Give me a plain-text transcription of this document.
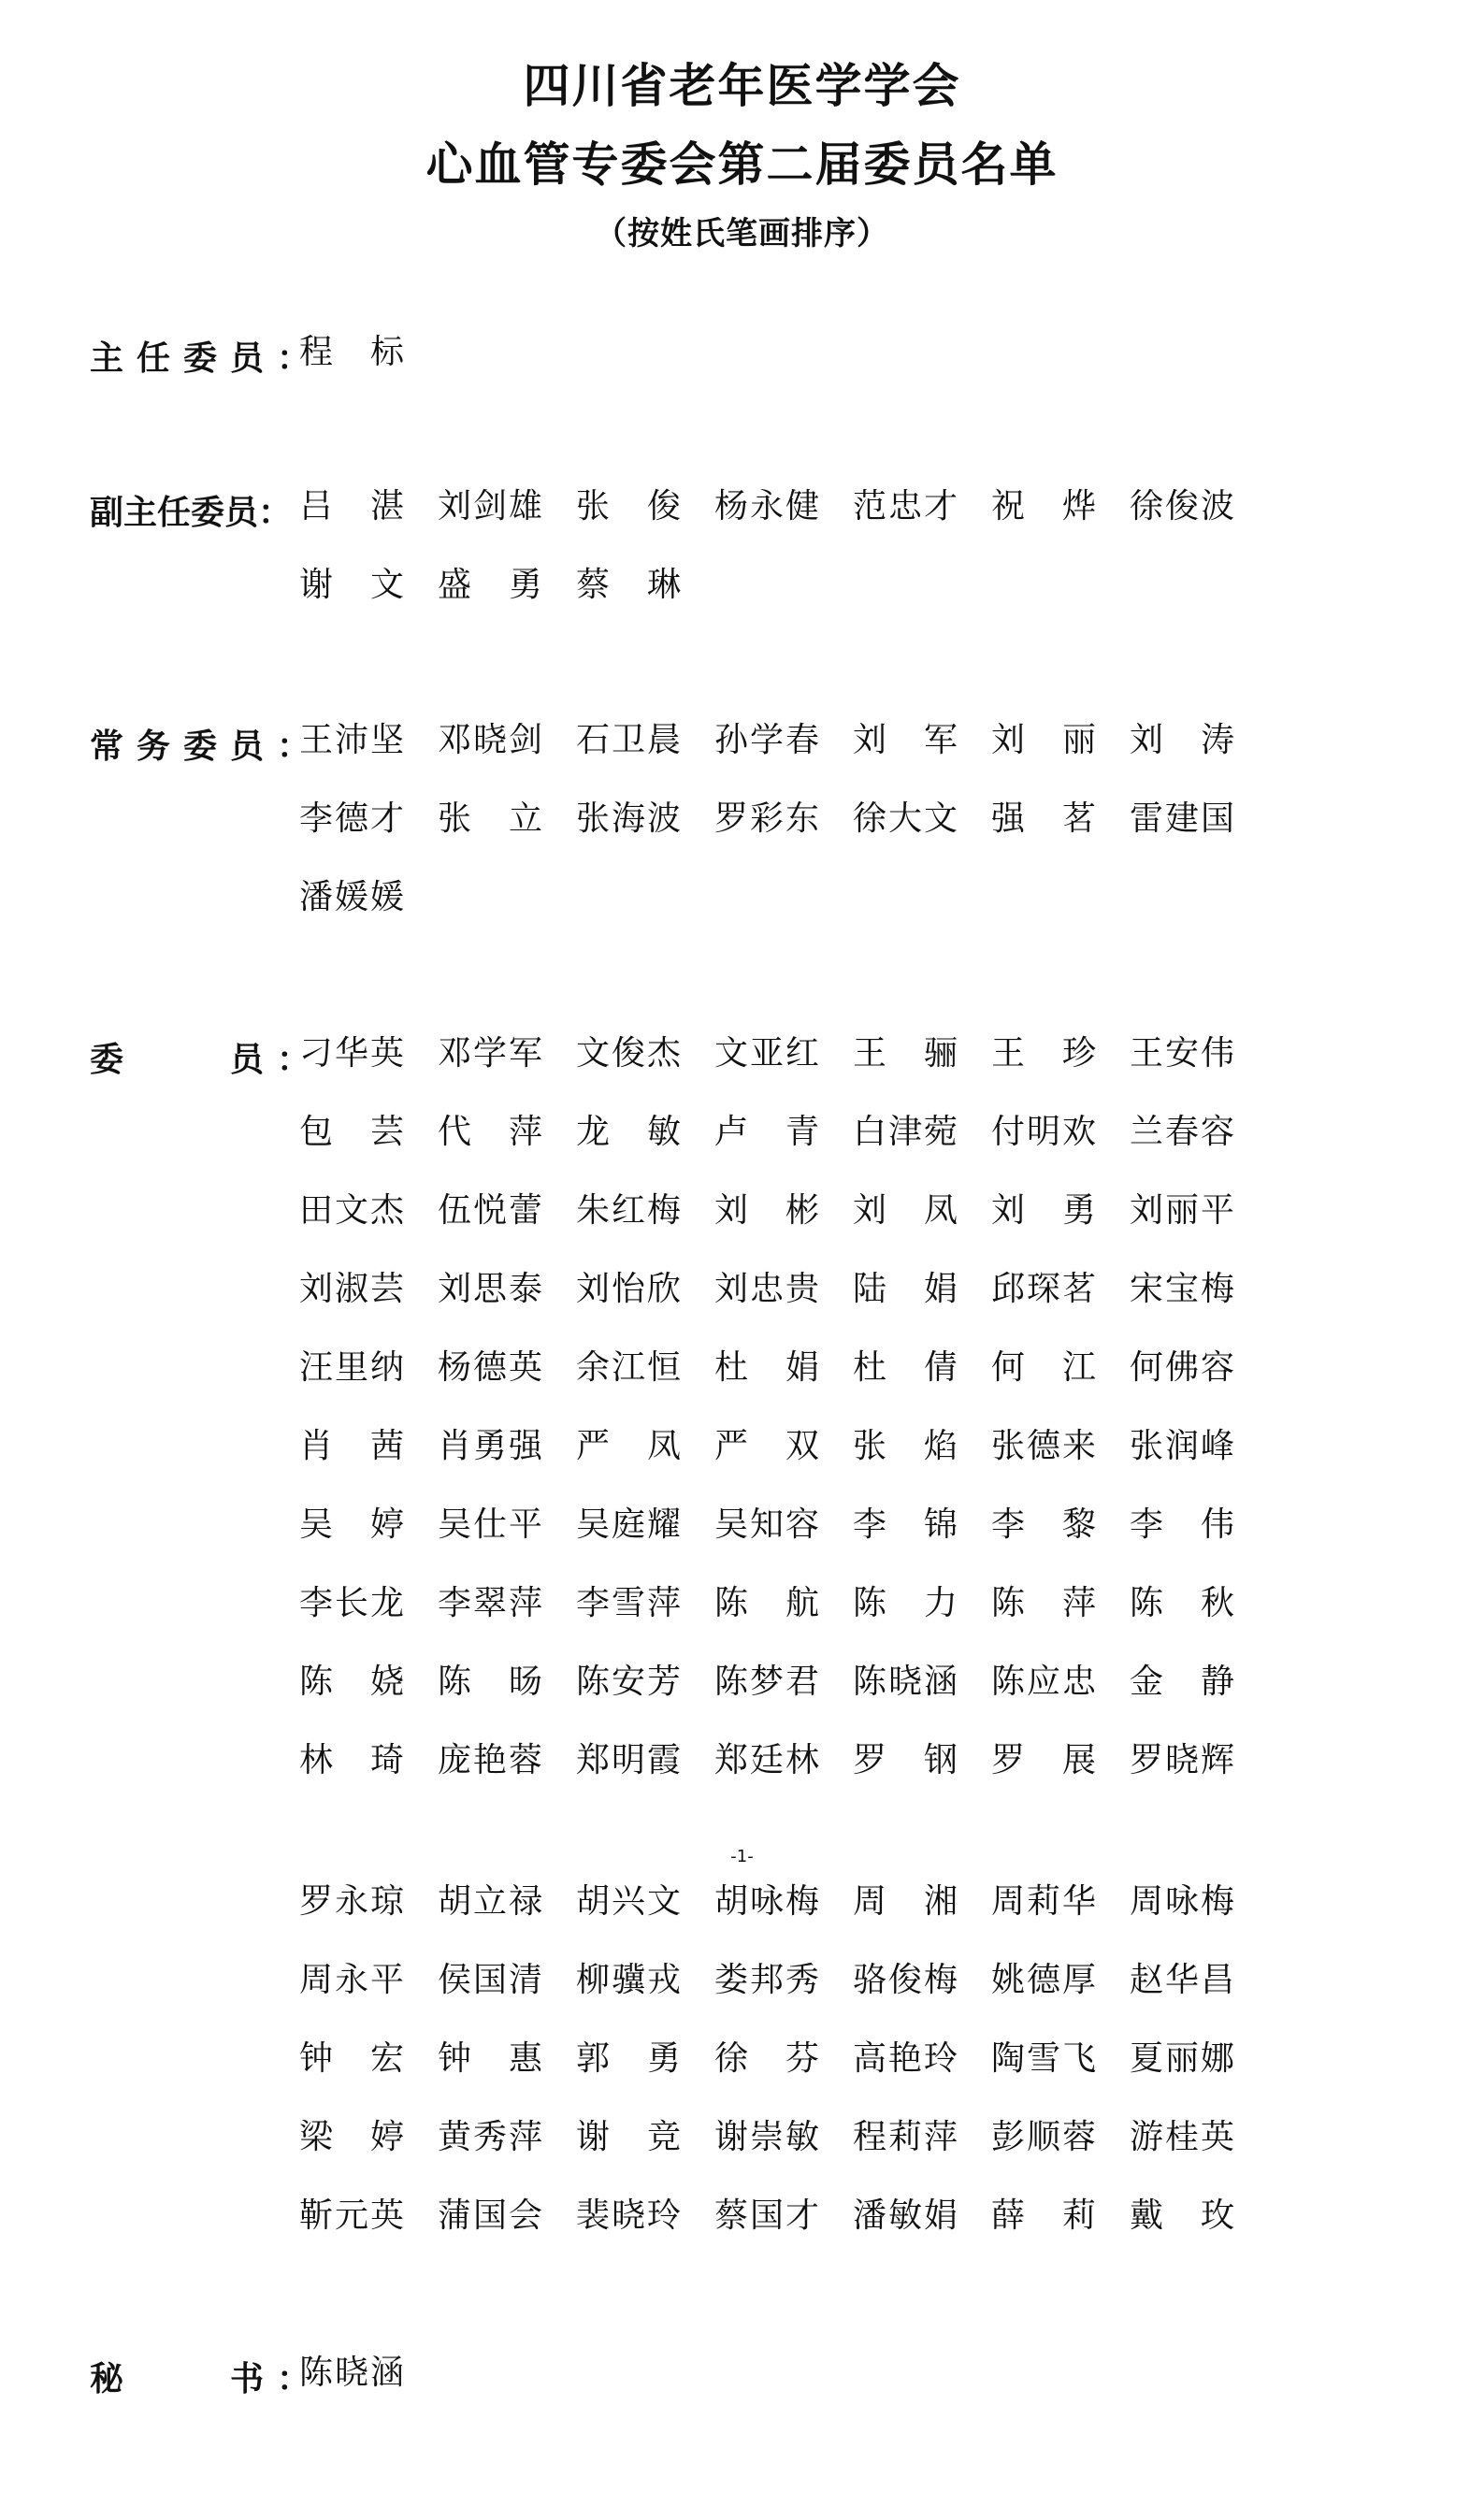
四川省老年医学学会
心血管专委会第二届委员名单
（按姓氏笔画排序）
主任委员：
程　标
副主任委员： 吕　湛 刘剑雄 张　俊 杨永健 范忠才 祝　烨 徐俊波
谢　文 盛　勇 蔡　琳
常务委员：
王沛坚 邓晓剑 石卫晨 孙学春 刘　军 刘　丽 刘　涛
李德才 张　立 张海波 罗彩东 徐大文 强　茗 雷建国
潘媛媛
委　　员：
刁华英 邓学军 文俊杰 文亚红 王　骊 王　珍 王安伟
包　芸 代　萍 龙　敏 卢　青 白津菀 付明欢 兰春容
田文杰 伍悦蕾 朱红梅 刘　彬 刘　凤 刘　勇 刘丽平
刘淑芸 刘思泰 刘怡欣 刘忠贵 陆　娟 邱琛茗 宋宝梅
汪里纳 杨德英 余江恒 杜　娟 杜　倩 何　江 何佛容
肖　茜 肖勇强 严　凤 严　双 张　焰 张德来 张润峰
吴　婷 吴仕平 吴庭耀 吴知容 李　锦 李　黎 李　伟
李长龙 李翠萍 李雪萍 陈　航 陈　力 陈　萍 陈　秋
陈　娆 陈　旸 陈安芳 陈梦君 陈晓涵 陈应忠 金　静
林　琦 庞艳蓉 郑明霞 郑廷林 罗　钢 罗　展 罗晓辉
-1-
罗永琼 胡立禄 胡兴文 胡咏梅 周　湘 周莉华 周咏梅
周永平 侯国清 柳骥戎 娄邦秀 骆俊梅 姚德厚 赵华昌
钟　宏 钟　惠 郭　勇 徐　芬 高艳玲 陶雪飞 夏丽娜
梁　婷 黄秀萍 谢　竞 谢崇敏 程莉萍 彭顺蓉 游桂英
靳元英 蒲国会 裴晓玲 蔡国才 潘敏娟 薛　莉 戴　玫
秘　　书：
陈晓涵
